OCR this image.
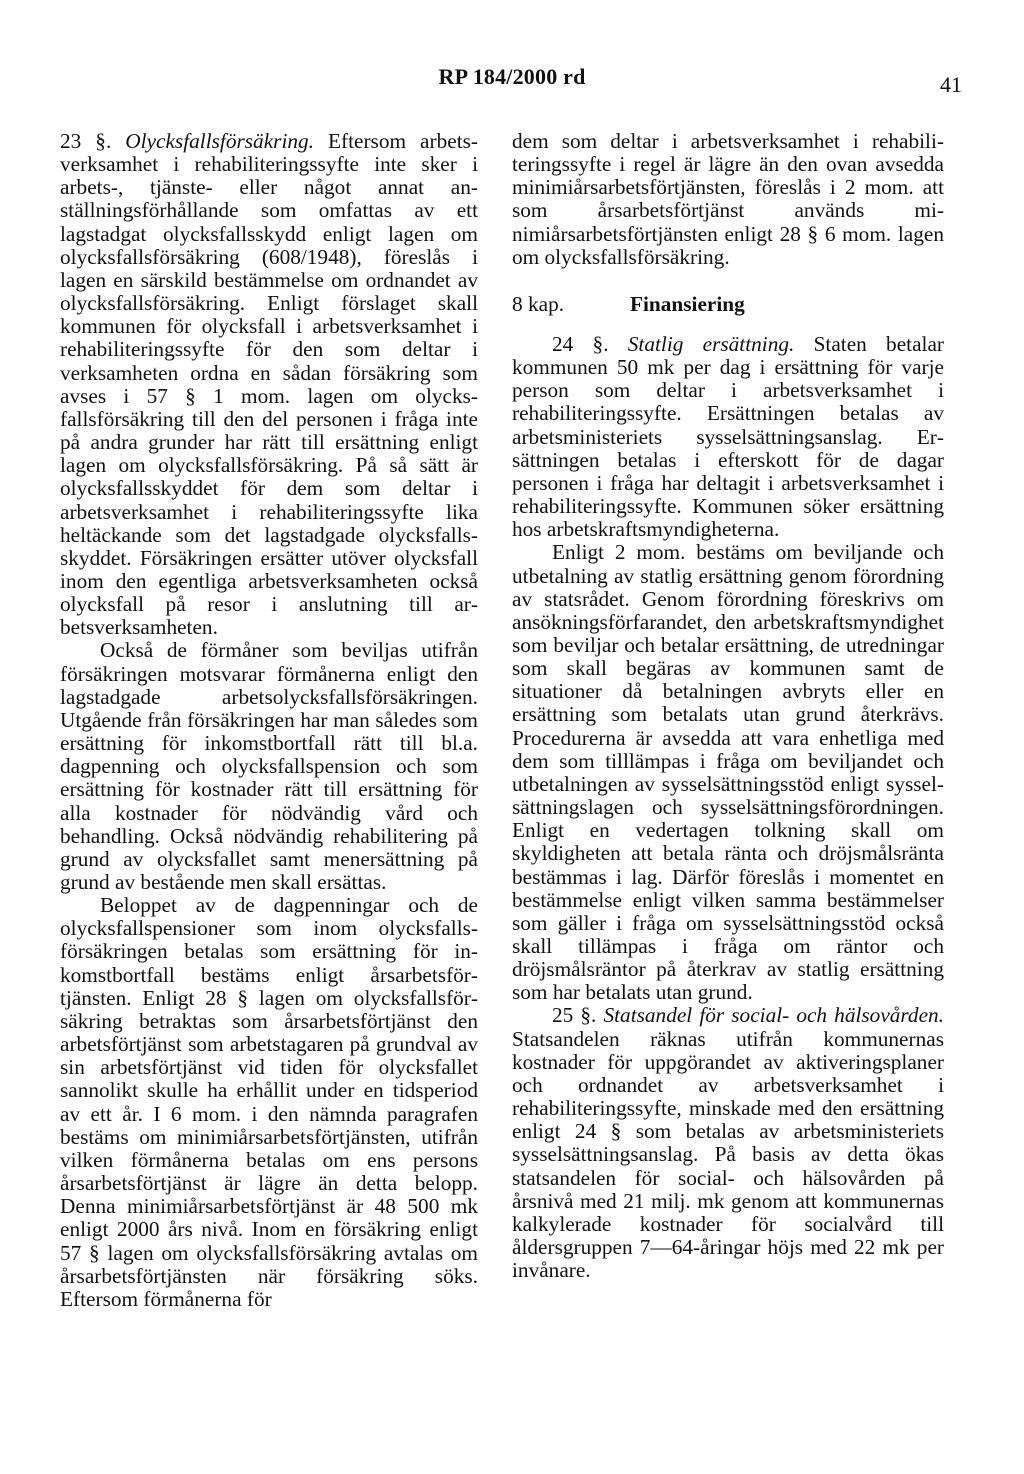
RP 184/2000 rd	41

23 §. Olycksfallsförsäkring. Eftersom arbetsverksamhet i rehabiliteringssyfte inte sker i arbets-, tjänste- eller något annat anställningsförhållande som omfattas av ett lagstadgat olycksfallsskydd enligt lagen om olycksfallsförsäkring (608/1948), föreslås i lagen en särskild bestämmelse om ordnandet av olycksfallsförsäkring. Enligt förslaget skall kommunen för olycksfall i arbetsverksamhet i rehabiliteringssyfte för den som deltar i verksamheten ordna en sådan försäkring som avses i 57 § 1 mom. lagen om olycksfallsförsäkring till den del personen i fråga inte på andra grunder har rätt till ersättning enligt lagen om olycksfallsförsäkring. På så sätt är olycksfallsskyddet för dem som deltar i arbetsverksamhet i rehabiliteringssyfte lika heltäckande som det lagstadgade olycksfallsskyddet. Försäkringen ersätter utöver olycksfall inom den egentliga arbetsverksamheten också olycksfall på resor i anslutning till arbetsverksamheten.

Också de förmåner som beviljas utifrån försäkringen motsvarar förmånerna enligt den lagstadgade arbetsolycksfallsförsäkringen. Utgående från försäkringen har man således som ersättning för inkomstbortfall rätt till bl.a. dagpenning och olycksfallspension och som ersättning för kostnader rätt till ersättning för alla kostnader för nödvändig vård och behandling. Också nödvändig rehabilitering på grund av olycksfallet samt menersättning på grund av bestående men skall ersättas.

Beloppet av de dagpenningar och de olycksfallspensioner som inom olycksfallsförsäkringen betalas som ersättning för inkomstbortfall bestäms enligt årsarbetsförtjänsten. Enligt 28 § lagen om olycksfallsförsäkring betraktas som årsarbetsförtjänst den arbetsförtjänst som arbetstagaren på grundval av sin arbetsförtjänst vid tiden för olycksfallet sannolikt skulle ha erhållit under en tidsperiod av ett år. I 6 mom. i den nämnda paragrafen bestäms om minimiårsarbetsförtjänsten, utifrån vilken förmånerna betalas om ens persons årsarbetsförtjänst är lägre än detta belopp. Denna minimiårsarbetsförtjänst är 48 500 mk enligt 2000 års nivå. Inom en försäkring enligt 57 § lagen om olycksfallsförsäkring avtalas om årsarbetsförtjänsten när försäkring söks. Eftersom förmånerna för

dem som deltar i arbetsverksamhet i rehabiliteringssyfte i regel är lägre än den ovan avsedda minimiårsarbetsförtjänsten, föreslås i 2 mom. att som årsarbetsförtjänst används minimiårsarbetsförtjänsten enligt 28 § 6 mom. lagen om olycksfallsförsäkring.

8 kap.	Finansiering

24 §. Statlig ersättning. Staten betalar kommunen 50 mk per dag i ersättning för varje person som deltar i arbetsverksamhet i rehabiliteringssyfte. Ersättningen betalas av arbetsministeriets sysselsättningsanslag. Ersättningen betalas i efterskott för de dagar personen i fråga har deltagit i arbetsverksamhet i rehabiliteringssyfte. Kommunen söker ersättning hos arbetskraftsmyndigheterna.

Enligt 2 mom. bestäms om beviljande och utbetalning av statlig ersättning genom förordning av statsrådet. Genom förordning föreskrivs om ansökningsförfarandet, den arbetskraftsmyndighet som beviljar och betalar ersättning, de utredningar som skall begäras av kommunen samt de situationer då betalningen avbryts eller en ersättning som betalats utan grund återkrävs. Procedurerna är avsedda att vara enhetliga med dem som tilllämpas i fråga om beviljandet och utbetalningen av sysselsättningsstöd enligt sysselsättningslagen och sysselsättningsförordningen. Enligt en vedertagen tolkning skall om skyldigheten att betala ränta och dröjsmålsränta bestämmas i lag. Därför föreslås i momentet en bestämmelse enligt vilken samma bestämmelser som gäller i fråga om sysselsättningsstöd också skall tillämpas i fråga om räntor och dröjsmålsräntor på återkrav av statlig ersättning som har betalats utan grund.

25 §. Statsandel för social- och hälsovården. Statsandelen räknas utifrån kommunernas kostnader för uppgörandet av aktiveringsplaner och ordnandet av arbetsverksamhet i rehabiliteringssyfte, minskade med den ersättning enligt 24 § som betalas av arbetsministeriets sysselsättningsanslag. På basis av detta ökas statsandelen för social- och hälsovården på årsnivå med 21 milj. mk genom att kommunernas kalkylerade kostnader för socialvård till åldersgruppen 7—64-åringar höjs med 22 mk per invånare.
